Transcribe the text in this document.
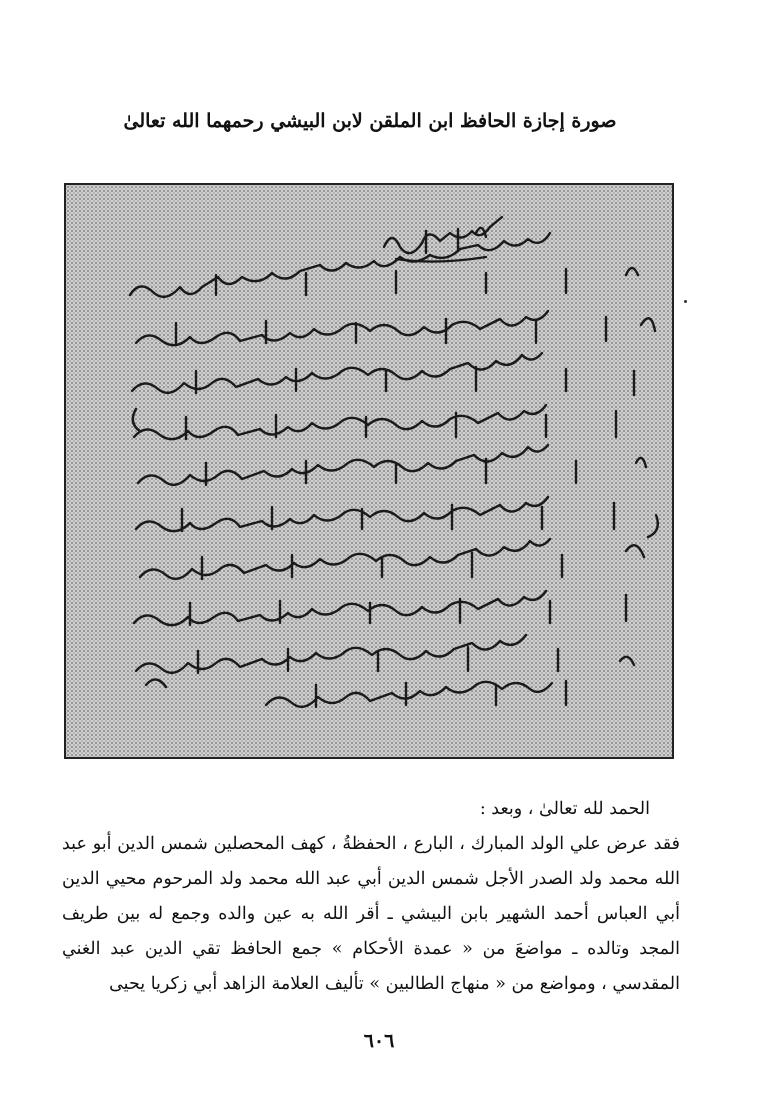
صورة إجازة الحافظ ابن الملقن لابن البيشي رحمهما الله تعالىٰ

الحمد لله تعالىٰ ، وبعد :

فقد عرض علي الولد المبارك ، البارع ، الحفظةُ ، كهف المحصلين شمس الدين أبو عبد الله محمد ولد الصدر الأجل شمس الدين أبي عبد الله محمد ولد المرحوم محيي الدين أبي العباس أحمد الشهير بابن البيشي ـ أقر الله به عين والده وجمع له بين طريف المجد وتالده ـ مواضعَ من « عمدة الأحكام » جمع الحافظ تقي الدين عبد الغني المقدسي ، ومواضع من « منهاج الطالبين » تأليف العلامة الزاهد أبي زكريا يحيى

٦٠٦
